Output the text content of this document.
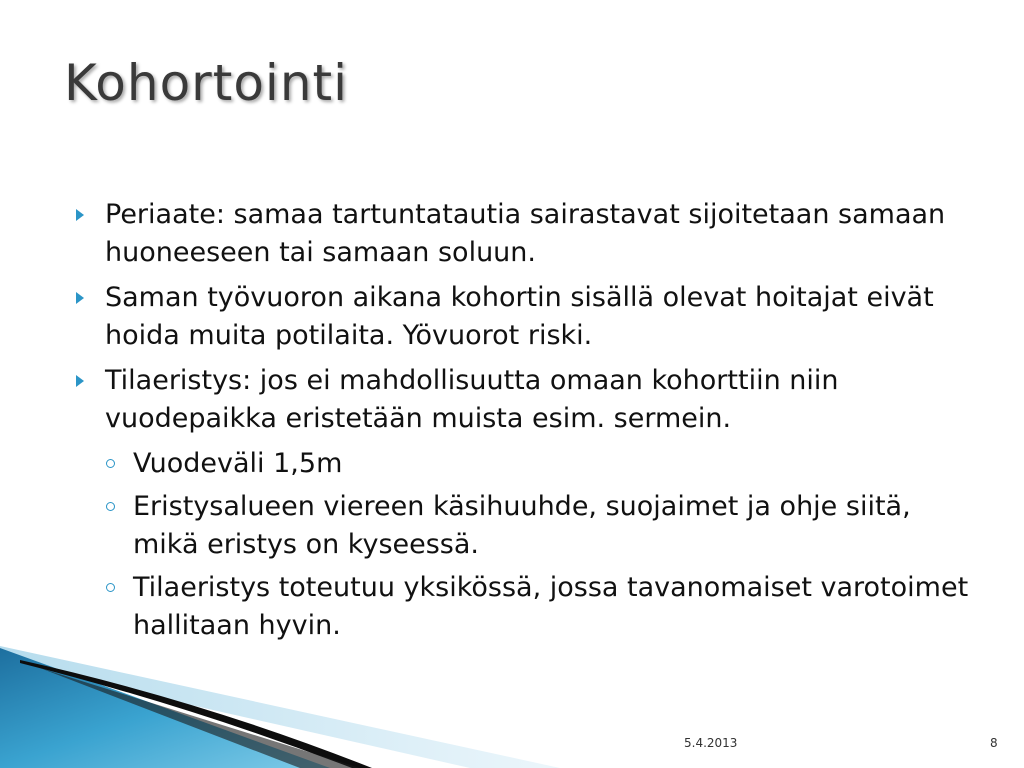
Kohortointi
Periaate: samaa tartuntatautia sairastavat sijoitetaan samaan huoneeseen tai samaan soluun.
Saman työvuoron aikana kohortin sisällä olevat hoitajat eivät hoida muita potilaita. Yövuorot riski.
Tilaeristys: jos ei mahdollisuutta omaan kohorttiin niin vuodepaikka eristetään muista esim. sermein.
Vuodeväli 1,5m
Eristysalueen viereen käsihuuhde, suojaimet ja ohje siitä, mikä eristys on kyseessä.
Tilaeristys toteutuu yksikössä, jossa tavanomaiset varotoimet hallitaan hyvin.
5.4.2013	8
